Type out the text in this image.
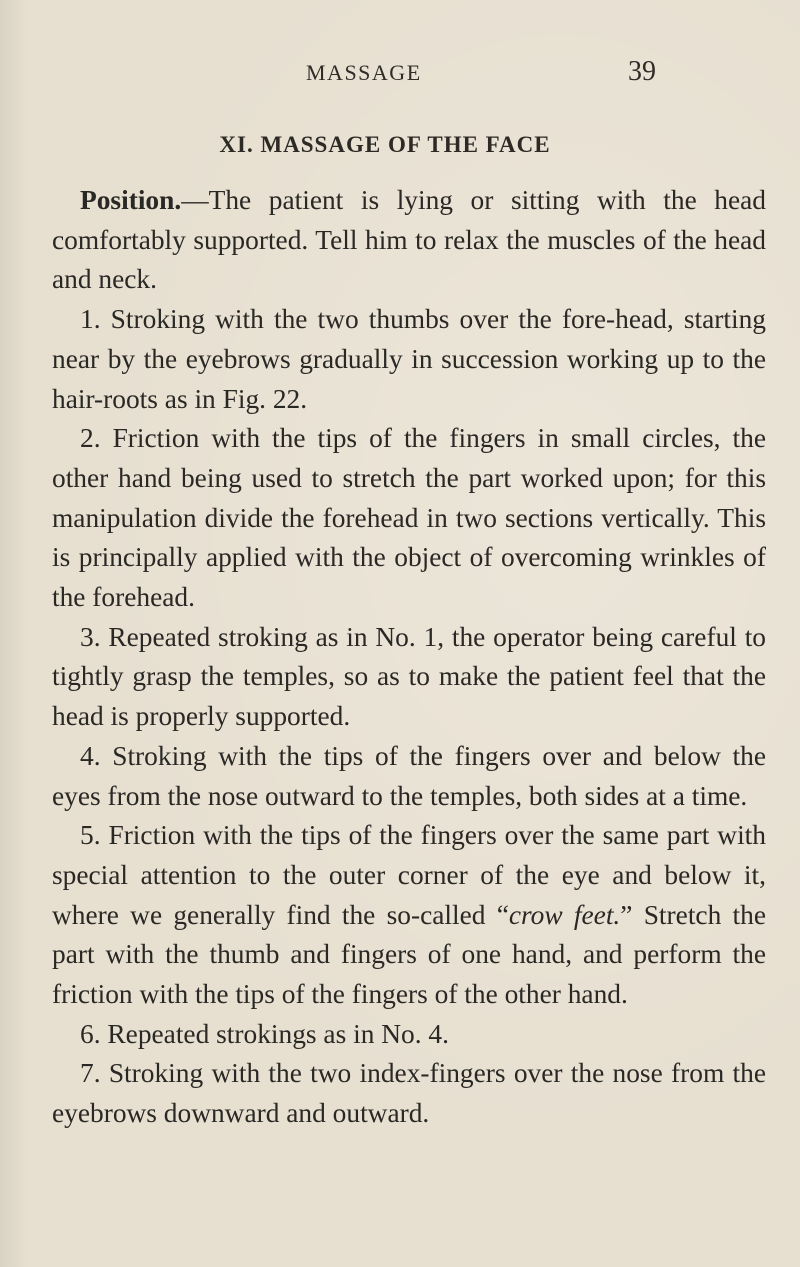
MASSAGE	39
XI. MASSAGE OF THE FACE

Position.—The patient is lying or sitting with the head comfortably supported. Tell him to relax the muscles of the head and neck.

1. Stroking with the two thumbs over the fore-head, starting near by the eyebrows gradually in succession working up to the hair-roots as in Fig. 22.

2. Friction with the tips of the fingers in small circles, the other hand being used to stretch the part worked upon; for this manipulation divide the forehead in two sections vertically. This is principally applied with the object of overcoming wrinkles of the forehead.

3. Repeated stroking as in No. 1, the operator being careful to tightly grasp the temples, so as to make the patient feel that the head is properly supported.

4. Stroking with the tips of the fingers over and below the eyes from the nose outward to the temples, both sides at a time.

5. Friction with the tips of the fingers over the same part with special attention to the outer corner of the eye and below it, where we generally find the so-called “crow feet.” Stretch the part with the thumb and fingers of one hand, and perform the friction with the tips of the fingers of the other hand.

6. Repeated strokings as in No. 4.

7. Stroking with the two index-fingers over the nose from the eyebrows downward and outward.
